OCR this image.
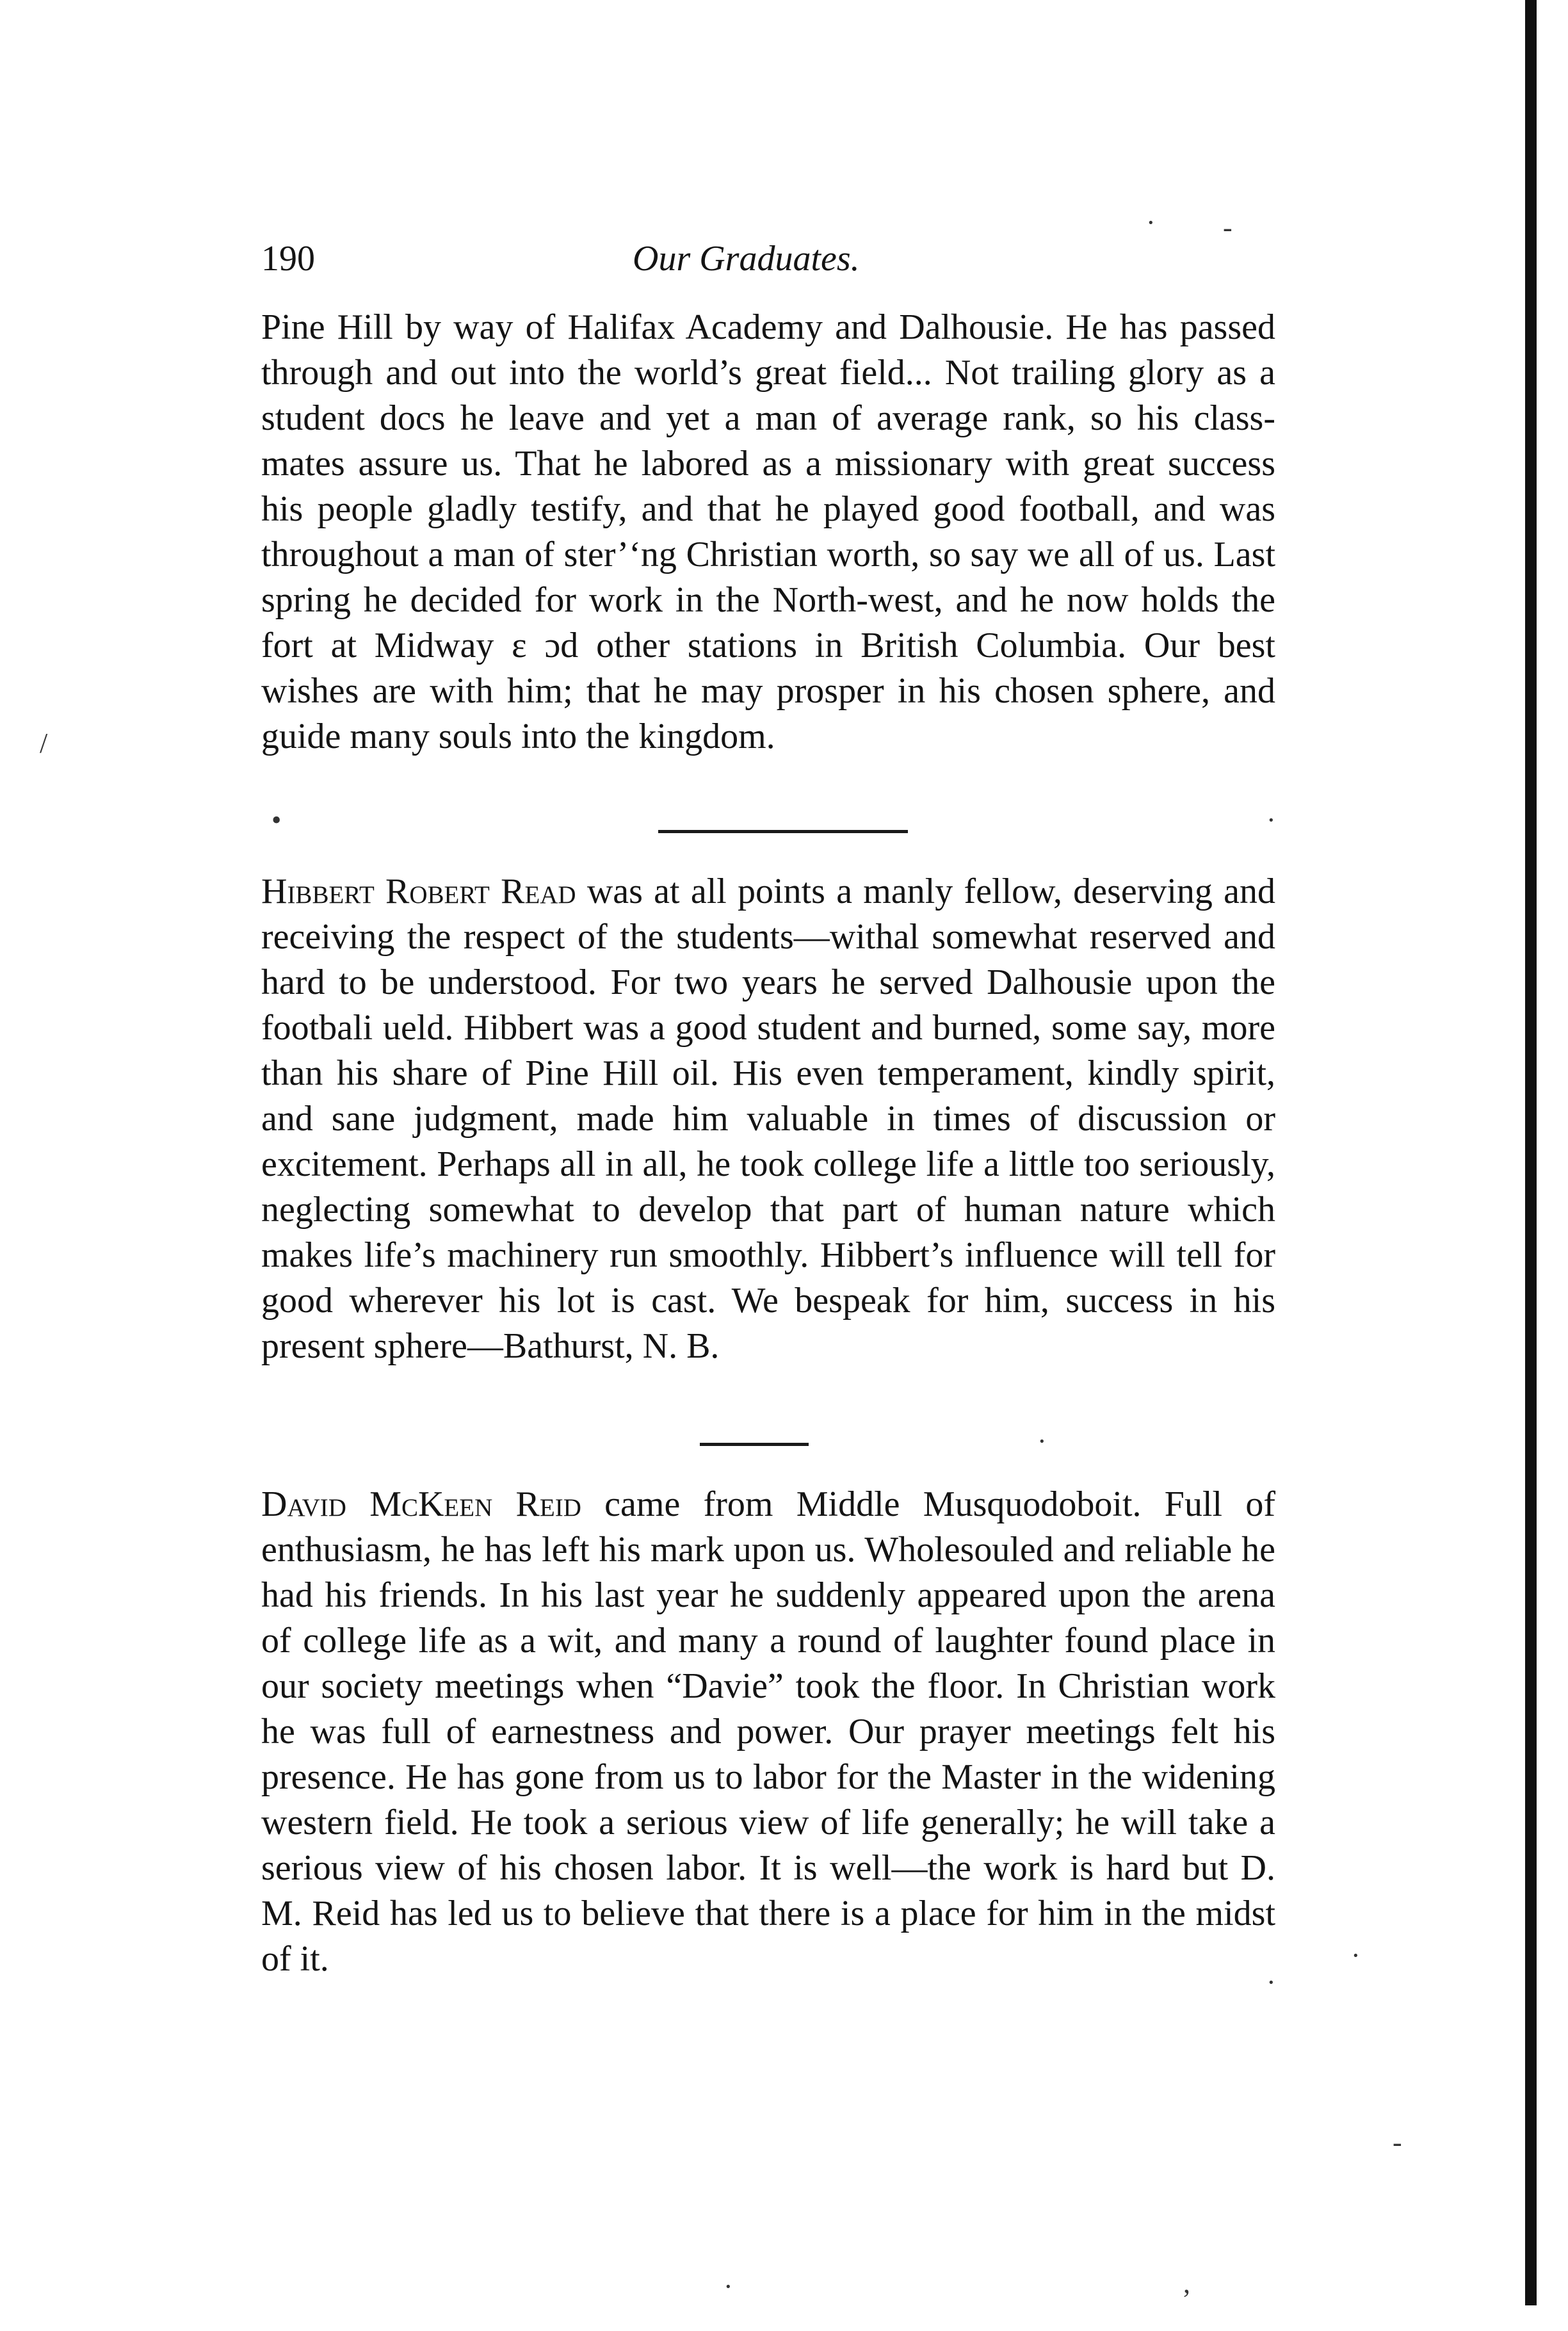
190	Our Graduates.

Pine Hill by way of Halifax Academy and Dalhousie. He has passed through and out into the world’s great field... Not trailing glory as a student docs he leave and yet a man of average rank, so his class-mates assure us. That he labored as a missionary with great success his people gladly testify, and that he played good football, and was throughout a man of ster’‘ng Christian worth, so say we all of us. Last spring he decided for work in the North-west, and he now holds the fort at Midway ɛ ɔd other stations in British Columbia. Our best wishes are with him; that he may prosper in his chosen sphere, and guide many souls into the kingdom.

Hibbert Robert Read was at all points a manly fellow, deserving and receiving the respect of the students—withal somewhat reserved and hard to be understood. For two years he served Dalhousie upon the footbali ueld. Hibbert was a good student and burned, some say, more than his share of Pine Hill oil. His even temperament, kindly spirit, and sane judgment, made him valuable in times of discussion or excitement. Perhaps all in all, he took college life a little too seriously, neglecting somewhat to develop that part of human nature which makes life’s machinery run smoothly. Hibbert’s influence will tell for good wherever his lot is cast. We bespeak for him, success in his present sphere—Bathurst, N. B.

David McKeen Reid came from Middle Musquodoboit. Full of enthusiasm, he has left his mark upon us. Wholesouled and reliable he had his friends. In his last year he suddenly appeared upon the arena of college life as a wit, and many a round of laughter found place in our society meetings when “Davie” took the floor. In Christian work he was full of earnestness and power. Our prayer meetings felt his presence. He has gone from us to labor for the Master in the widening western field. He took a serious view of life generally; he will take a serious view of his chosen labor. It is well—the work is hard but D. M. Reid has led us to believe that there is a place for him in the midst of it.

· -
/
•	·
·
·
·
-
·	,
